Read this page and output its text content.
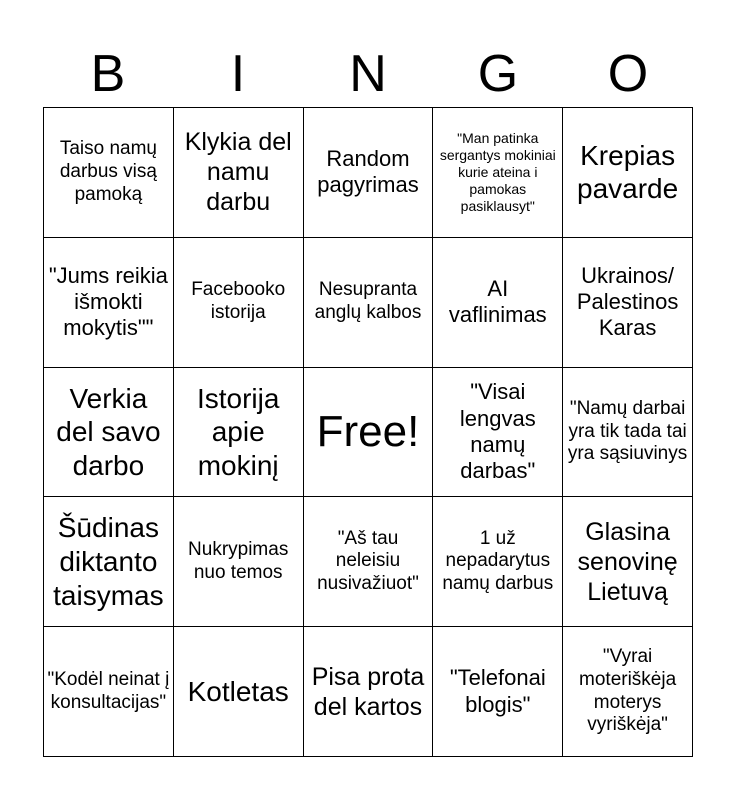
B	I	N	G	O
Taiso namų darbus visą pamoką
Klykia del namu darbu
Random pagyrimas
"Man patinka sergantys mokiniai kurie ateina i pamokas pasiklausyt"
Krepias pavarde
"Jums reikia išmokti mokytis""
Facebooko istorija
Nesupranta anglų kalbos
AI vaflinimas
Ukrainos/ Palestinos Karas
Verkia del savo darbo
Istorija apie mokinį
Free!
"Visai lengvas namų darbas"
"Namų darbai yra tik tada tai yra sąsiuvinys
Šūdinas diktanto taisymas
Nukrypimas nuo temos
"Aš tau neleisiu nusivažiuot"
1 už nepadarytus namų darbus
Glasina senovinę Lietuvą
"Kodėl neinat į konsultacijas" Kotletas Pisa prota del kartos
"Telefonai blogis"
"Vyrai moteriškėja moterys vyriškėja"
